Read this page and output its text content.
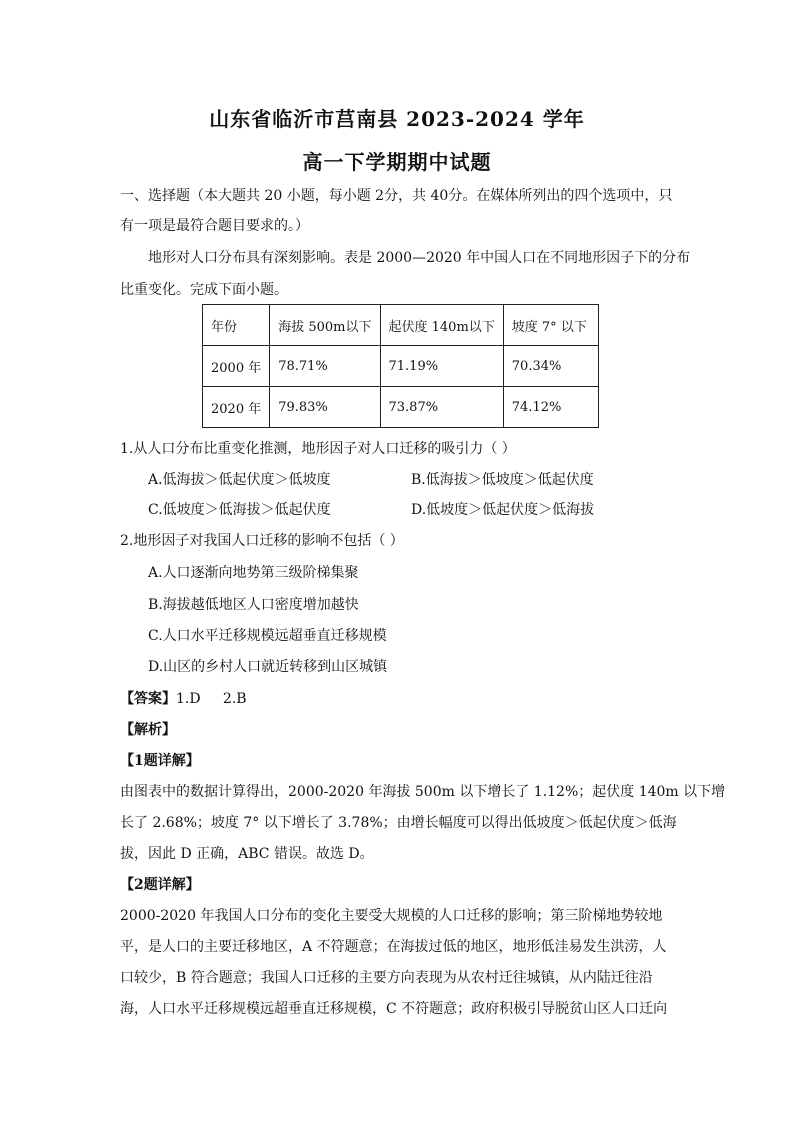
山东省临沂市莒南县 2023-2024 学年
高一下学期期中试题
一、选择题（本大题共 20 小题，每小题 2分，共 40分。在媒体所列出的四个选项中，只
有一项是最符合题目要求的。）
地形对人口分布具有深刻影响。表是 2000—2020 年中国人口在不同地形因子下的分布
比重变化。完成下面小题。
年份	海拔 500m以下	起伏度 140m以下	坡度 7° 以下
2000 年	78.71%	71.19%	70.34%
2020 年	79.83%	73.87%	74.12%
1.从人口分布比重变化推测，地形因子对人口迁移的吸引力（ ）
A.低海拔＞低起伏度＞低坡度	B.低海拔＞低坡度＞低起伏度
C.低坡度＞低海拔＞低起伏度	D.低坡度＞低起伏度＞低海拔
2.地形因子对我国人口迁移的影响不包括（ ）
A.人口逐渐向地势第三级阶梯集聚
B.海拔越低地区人口密度增加越快
C.人口水平迁移规模远超垂直迁移规模
D.山区的乡村人口就近转移到山区城镇
【答案】1.D     2.B
【解析】
【1题详解】
由图表中的数据计算得出，2000-2020 年海拔 500m 以下增长了 1.12%；起伏度 140m 以下增
长了 2.68%；坡度 7° 以下增长了 3.78%；由增长幅度可以得出低坡度＞低起伏度＞低海
拔，因此 D 正确，ABC 错误。故选 D。
【2题详解】
2000-2020 年我国人口分布的变化主要受大规模的人口迁移的影响；第三阶梯地势较地
平，是人口的主要迁移地区，A 不符题意；在海拔过低的地区，地形低洼易发生洪涝，人
口较少，B 符合题意；我国人口迁移的主要方向表现为从农村迁往城镇，从内陆迁往沿
海，人口水平迁移规模远超垂直迁移规模，C 不符题意；政府积极引导脱贫山区人口迁向
